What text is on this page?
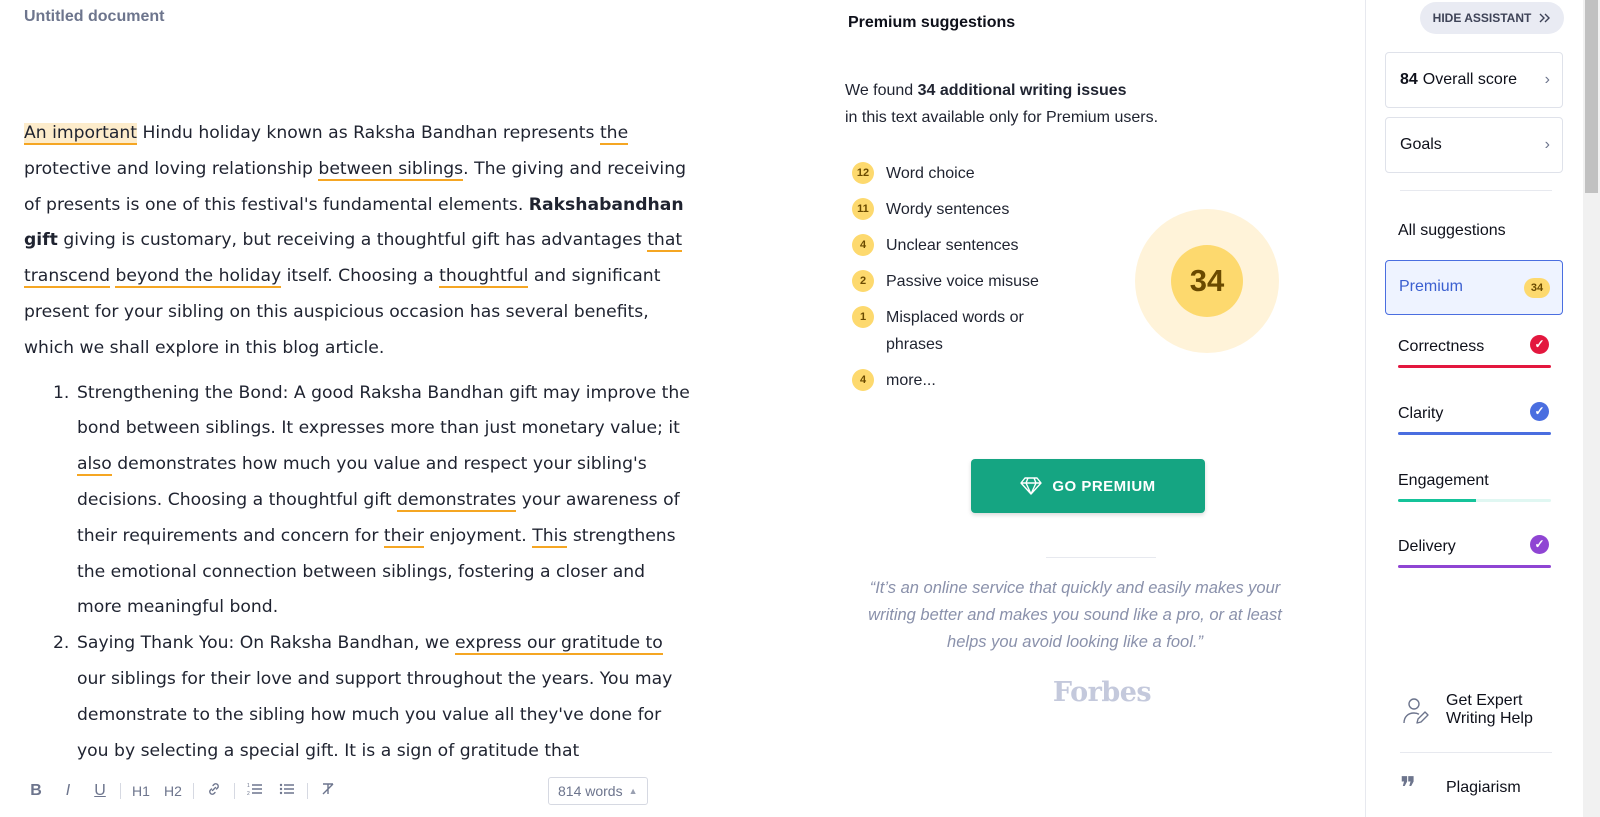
Untitled document

An important Hindu holiday known as Raksha Bandhan represents the protective and loving relationship between siblings. The giving and receiving of presents is one of this festival's fundamental elements. Rakshabandhan gift giving is customary, but receiving a thoughtful gift has advantages that transcend beyond the holiday itself. Choosing a thoughtful and significant present for your sibling on this auspicious occasion has several benefits, which we shall explore in this blog article.

1. Strengthening the Bond: A good Raksha Bandhan gift may improve the bond between siblings. It expresses more than just monetary value; it also demonstrates how much you value and respect your sibling's decisions. Choosing a thoughtful gift demonstrates your awareness of their requirements and concern for their enjoyment. This strengthens the emotional connection between siblings, fostering a closer and more meaningful bond.
2. Saying Thank You: On Raksha Bandhan, we express our gratitude to our siblings for their love and support throughout the years. You may demonstrate to the sibling how much you value all they've done for you by selecting a special gift. It is a sign of gratitude that
B	I	U	H1	H2	1
2	814 words ▲
Premium suggestions
We found 34 additional writing issues
in this text available only for Premium users.
12	Word choice
11	Wordy sentences
4	Unclear sentences
2	Passive voice misuse
1	Misplaced words or phrases
4	more...
34
GO PREMIUM
“It’s an online service that quickly and easily makes your writing better and makes you sound like a pro, or at least helps you avoid looking like a fool.”
Forbes
HIDE ASSISTANT
84 Overall score ›
Goals	›
All suggestions
Premium	34
Correctness	✓
Clarity	✓
Engagement
Delivery	✓
Get Expert Writing Help
❞ Plagiarism
